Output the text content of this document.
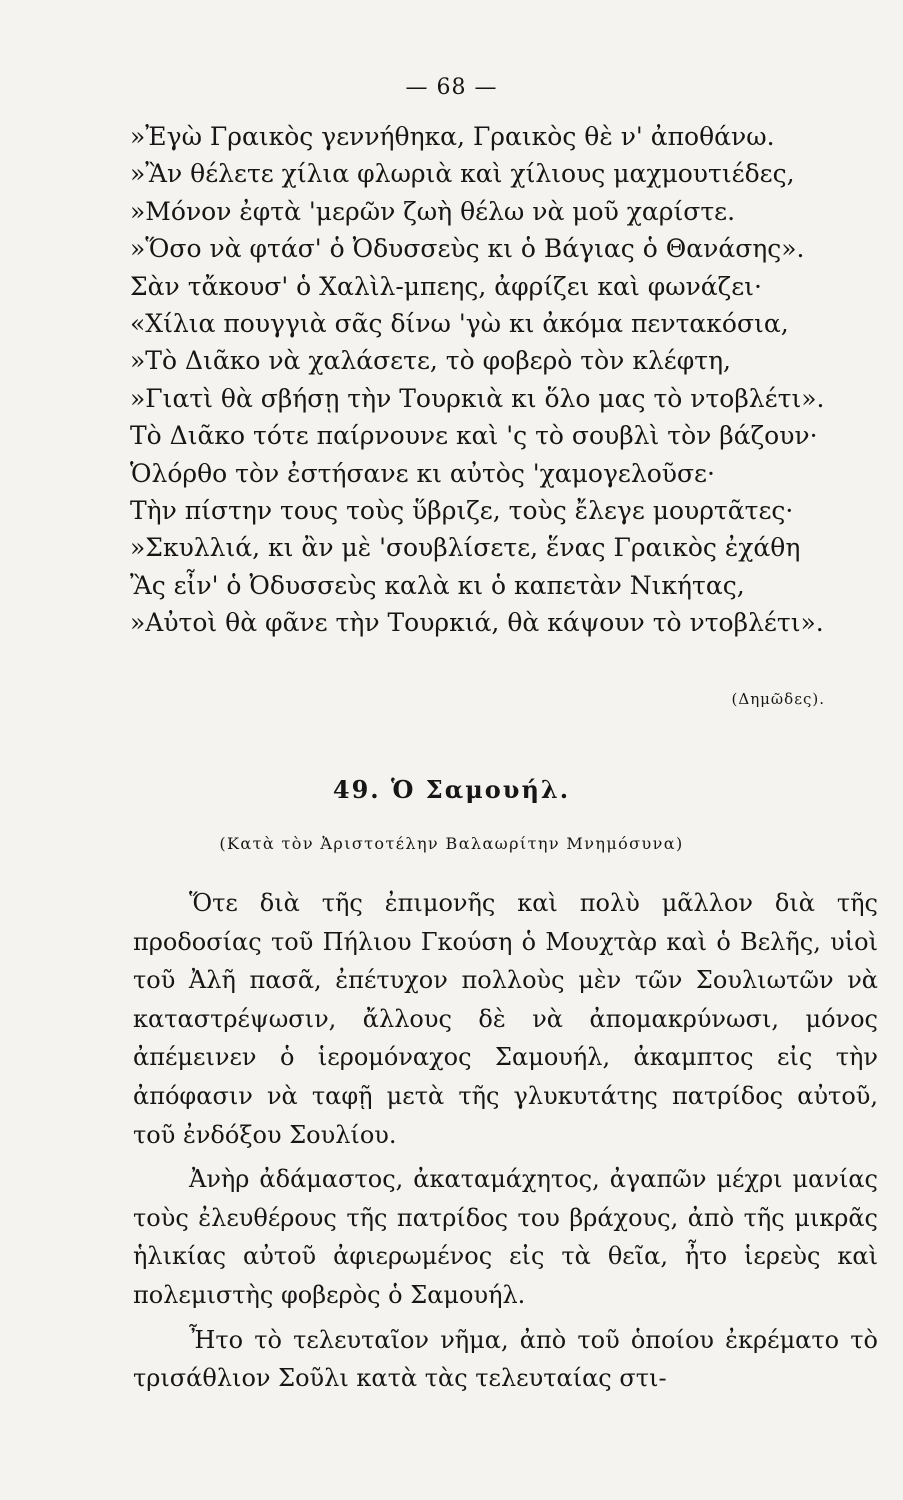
— 68 —
»Ἐγὼ Γραικὸς γεννήθηκα, Γραικὸς θὲ ν' ἀποθάνω.
»Ἂν θέλετε χίλια φλωριὰ καὶ χίλιους μαχμουτιέδες,
»Μόνον ἐφτὰ 'μερῶν ζωὴ θέλω νὰ μοῦ χαρίστε.
»Ὅσο νὰ φτάσ' ὁ Ὀδυσσεὺς κι ὁ Βάγιας ὁ Θανάσης».
Σὰν τἄκουσ' ὁ Χαλὶλ-μπεης, ἀφρίζει καὶ φωνάζει·
«Χίλια πουγγιὰ σᾶς δίνω 'γὼ κι ἀκόμα πεντακόσια,
»Τὸ Διᾶκο νὰ χαλάσετε, τὸ φοβερὸ τὸν κλέφτη,
»Γιατὶ θὰ σβήσῃ τὴν Τουρκιὰ κι ὅλο μας τὸ ντοβλέτι».
Τὸ Διᾶκο τότε παίρνουνε καὶ 'ς τὸ σουβλὶ τὸν βάζουν·
Ὁλόρθο τὸν ἐστήσανε κι αὐτὸς 'χαμογελοῦσε·
Τὴν πίστην τους τοὺς ὕβριζε, τοὺς ἔλεγε μουρτᾶτες·
»Σκυλλιά, κι ἂν μὲ 'σουβλίσετε, ἕνας Γραικὸς ἐχάθη
Ἂς εἶν' ὁ Ὀδυσσεὺς καλὰ κι ὁ καπετὰν Νικήτας,
»Αὐτοὶ θὰ φᾶνε τὴν Τουρκιά, θὰ κάψουν τὸ ντοβλέτι».
(Δημῶδες).
49. Ὁ Σαμουήλ.
(Κατὰ τὸν Ἀριστοτέλην Βαλαωρίτην Μνημόσυνα)

Ὅτε διὰ τῆς ἐπιμονῆς καὶ πολὺ μᾶλλον διὰ τῆς προδοσίας τοῦ Πήλιου Γκούση ὁ Μουχτὰρ καὶ ὁ Βελῆς, υἱοὶ τοῦ Ἀλῆ πασᾶ, ἐπέτυχον πολλοὺς μὲν τῶν Σουλιωτῶν νὰ καταστρέψωσιν, ἄλλους δὲ νὰ ἀπομακρύνωσι, μόνος ἀπέμεινεν ὁ ἱερομόναχος Σαμουήλ, ἀκαμπτος εἰς τὴν ἀπόφασιν νὰ ταφῇ μετὰ τῆς γλυκυτάτης πατρίδος αὐτοῦ, τοῦ ἐνδόξου Σουλίου.

Ἀνὴρ ἀδάμαστος, ἀκαταμάχητος, ἀγαπῶν μέχρι μανίας τοὺς ἐλευθέρους τῆς πατρίδος του βράχους, ἀπὸ τῆς μικρᾶς ἡλικίας αὐτοῦ ἀφιερωμένος εἰς τὰ θεῖα, ἦτο ἱερεὺς καὶ πολεμιστὴς φοβερὸς ὁ Σαμουήλ.

Ἦτο τὸ τελευταῖον νῆμα, ἀπὸ τοῦ ὁποίου ἐκρέματο τὸ τρισάθλιον Σοῦλι κατὰ τὰς τελευταίας στι-
